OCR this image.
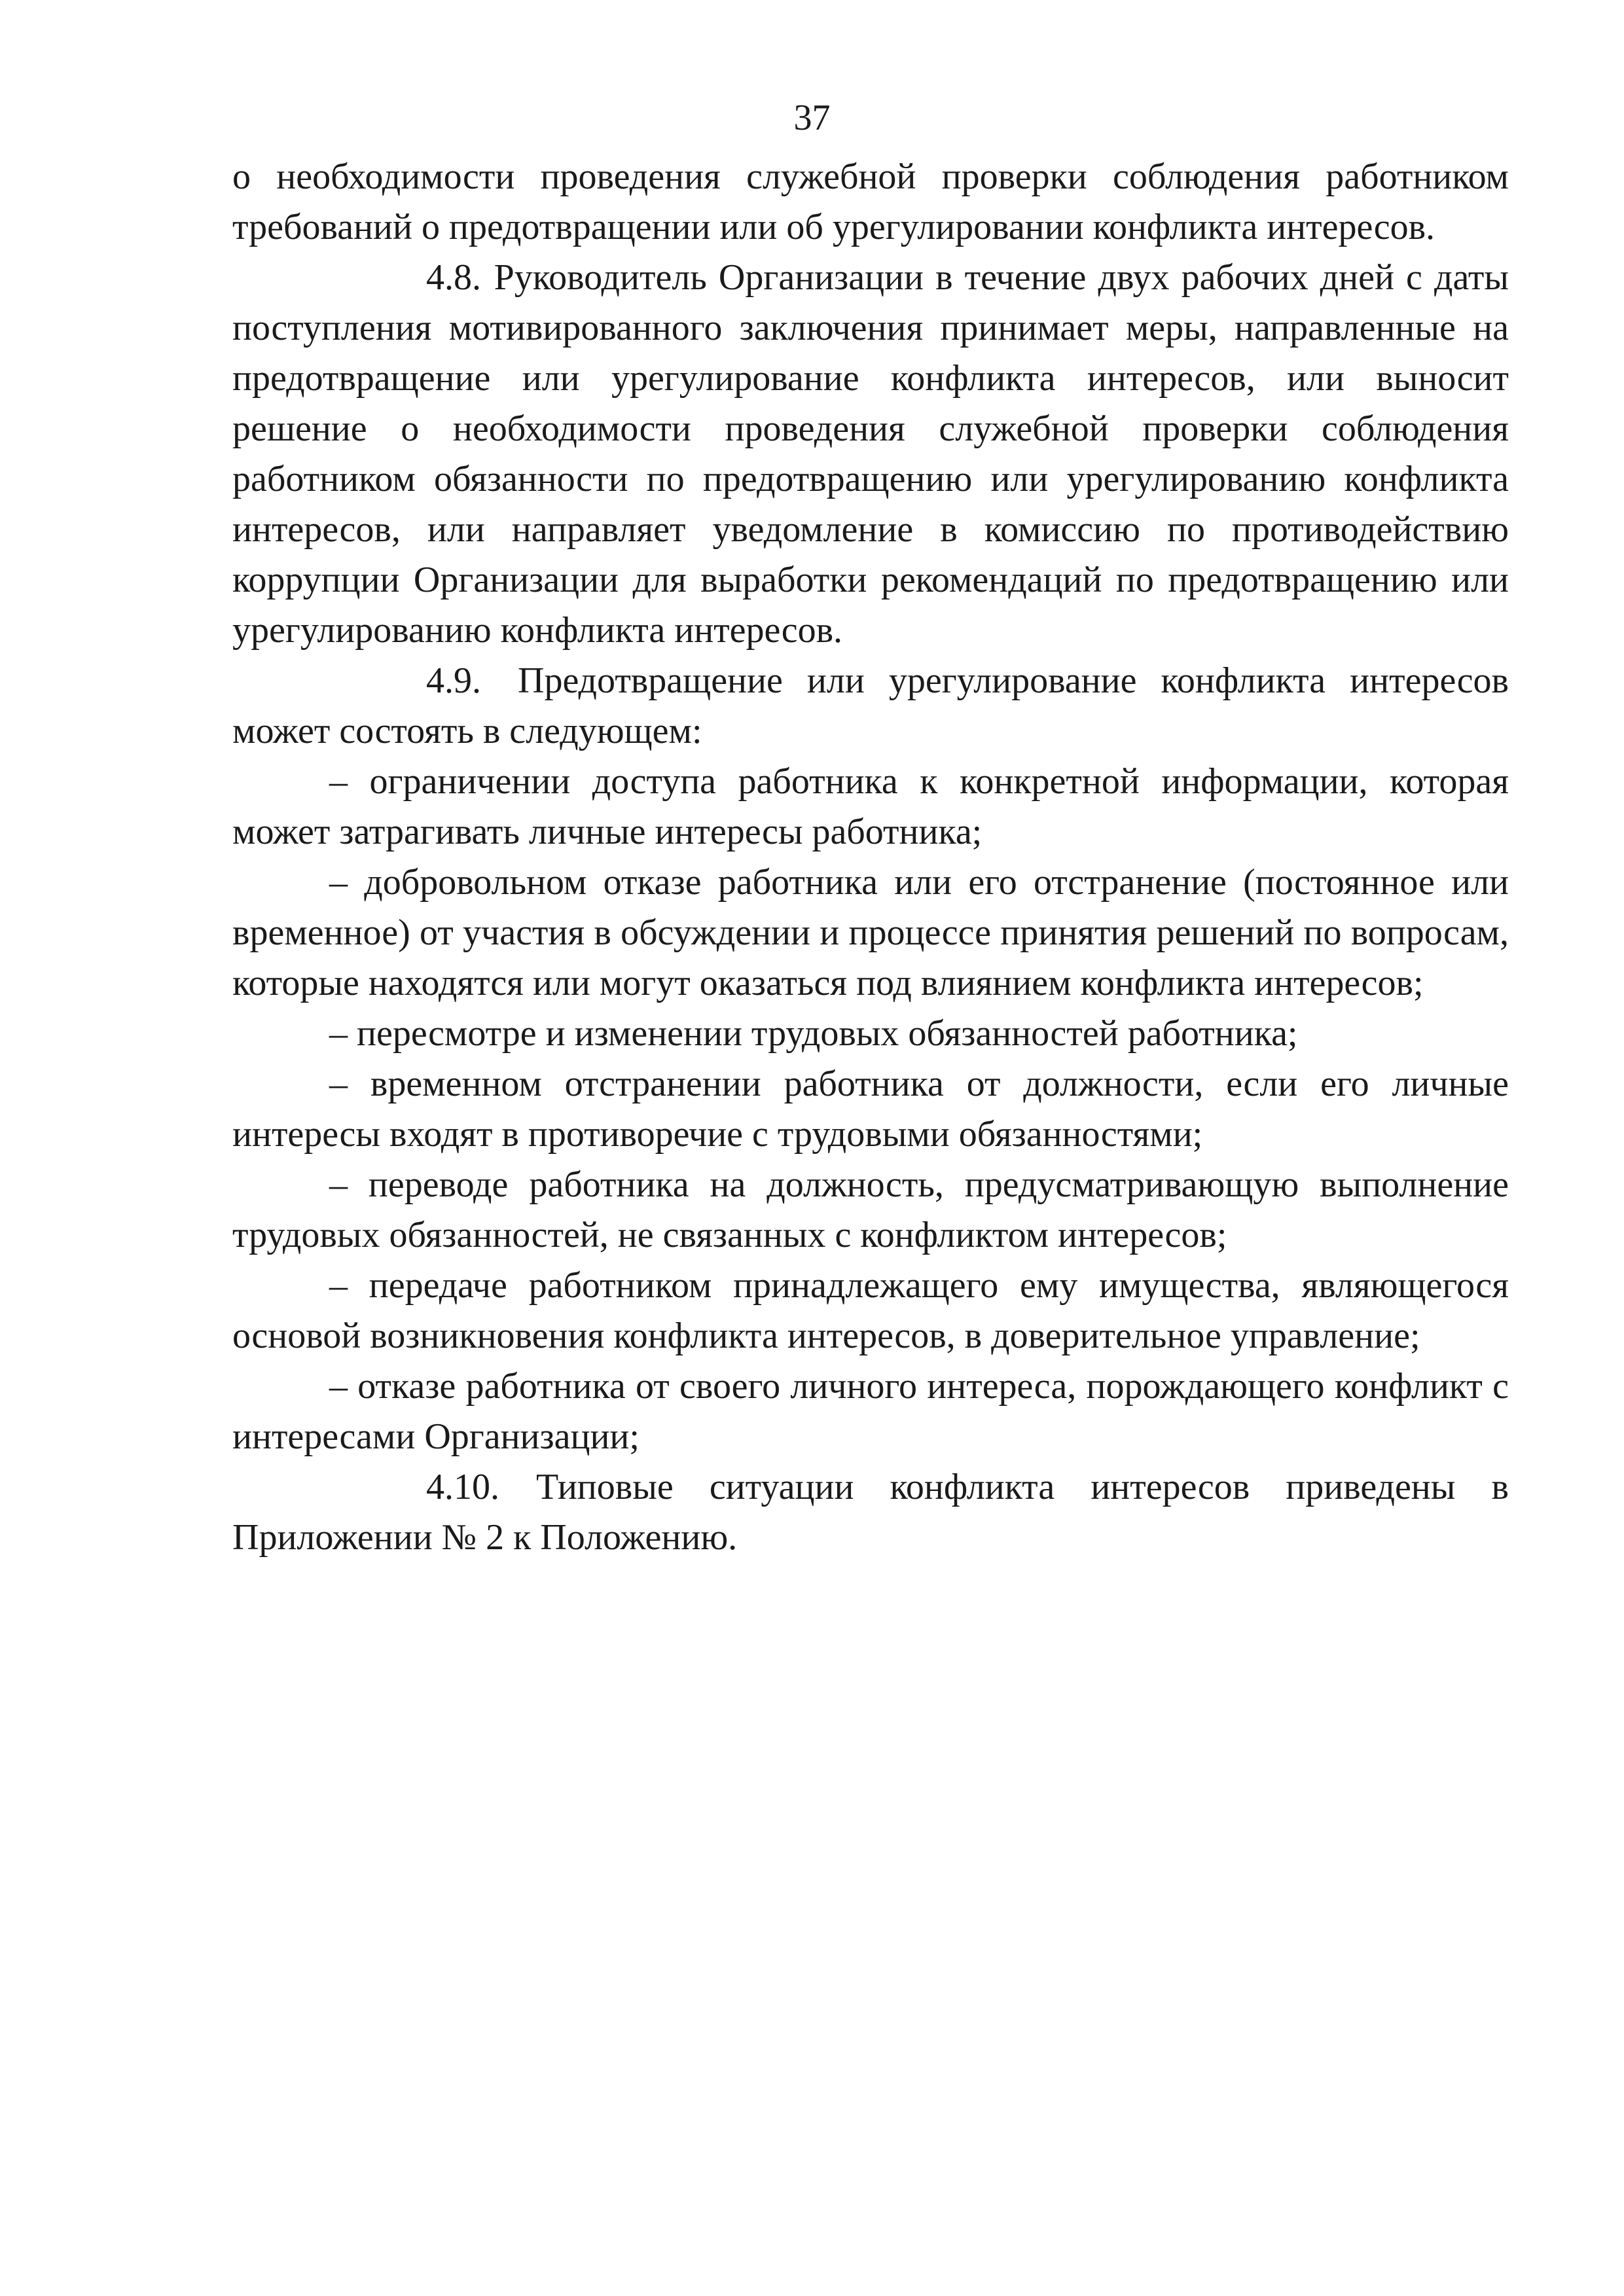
37

о необходимости проведения служебной проверки соблюдения работником требований о предотвращении или об урегулировании конфликта интересов.

4.8. Руководитель Организации в течение двух рабочих дней с даты поступления мотивированного заключения принимает меры, направленные на предотвращение или урегулирование конфликта интересов, или выносит решение о необходимости проведения служебной проверки соблюдения работником обязанности по предотвращению или урегулированию конфликта интересов, или направляет уведомление в комиссию по противодействию коррупции Организации для выработки рекомендаций по предотвращению или урегулированию конфликта интересов.

4.9. Предотвращение или урегулирование конфликта интересов может состоять в следующем:

– ограничении доступа работника к конкретной информации, которая может затрагивать личные интересы работника;

– добровольном отказе работника или его отстранение (постоянное или временное) от участия в обсуждении и процессе принятия решений по вопросам, которые находятся или могут оказаться под влиянием конфликта интересов;

– пересмотре и изменении трудовых обязанностей работника;

– временном отстранении работника от должности, если его личные интересы входят в противоречие с трудовыми обязанностями;

– переводе работника на должность, предусматривающую выполнение трудовых обязанностей, не связанных с конфликтом интересов;

– передаче работником принадлежащего ему имущества, являющегося основой возникновения конфликта интересов, в доверительное управление;

– отказе работника от своего личного интереса, порождающего конфликт с интересами Организации;

4.10. Типовые ситуации конфликта интересов приведены в Приложении № 2 к Положению.
